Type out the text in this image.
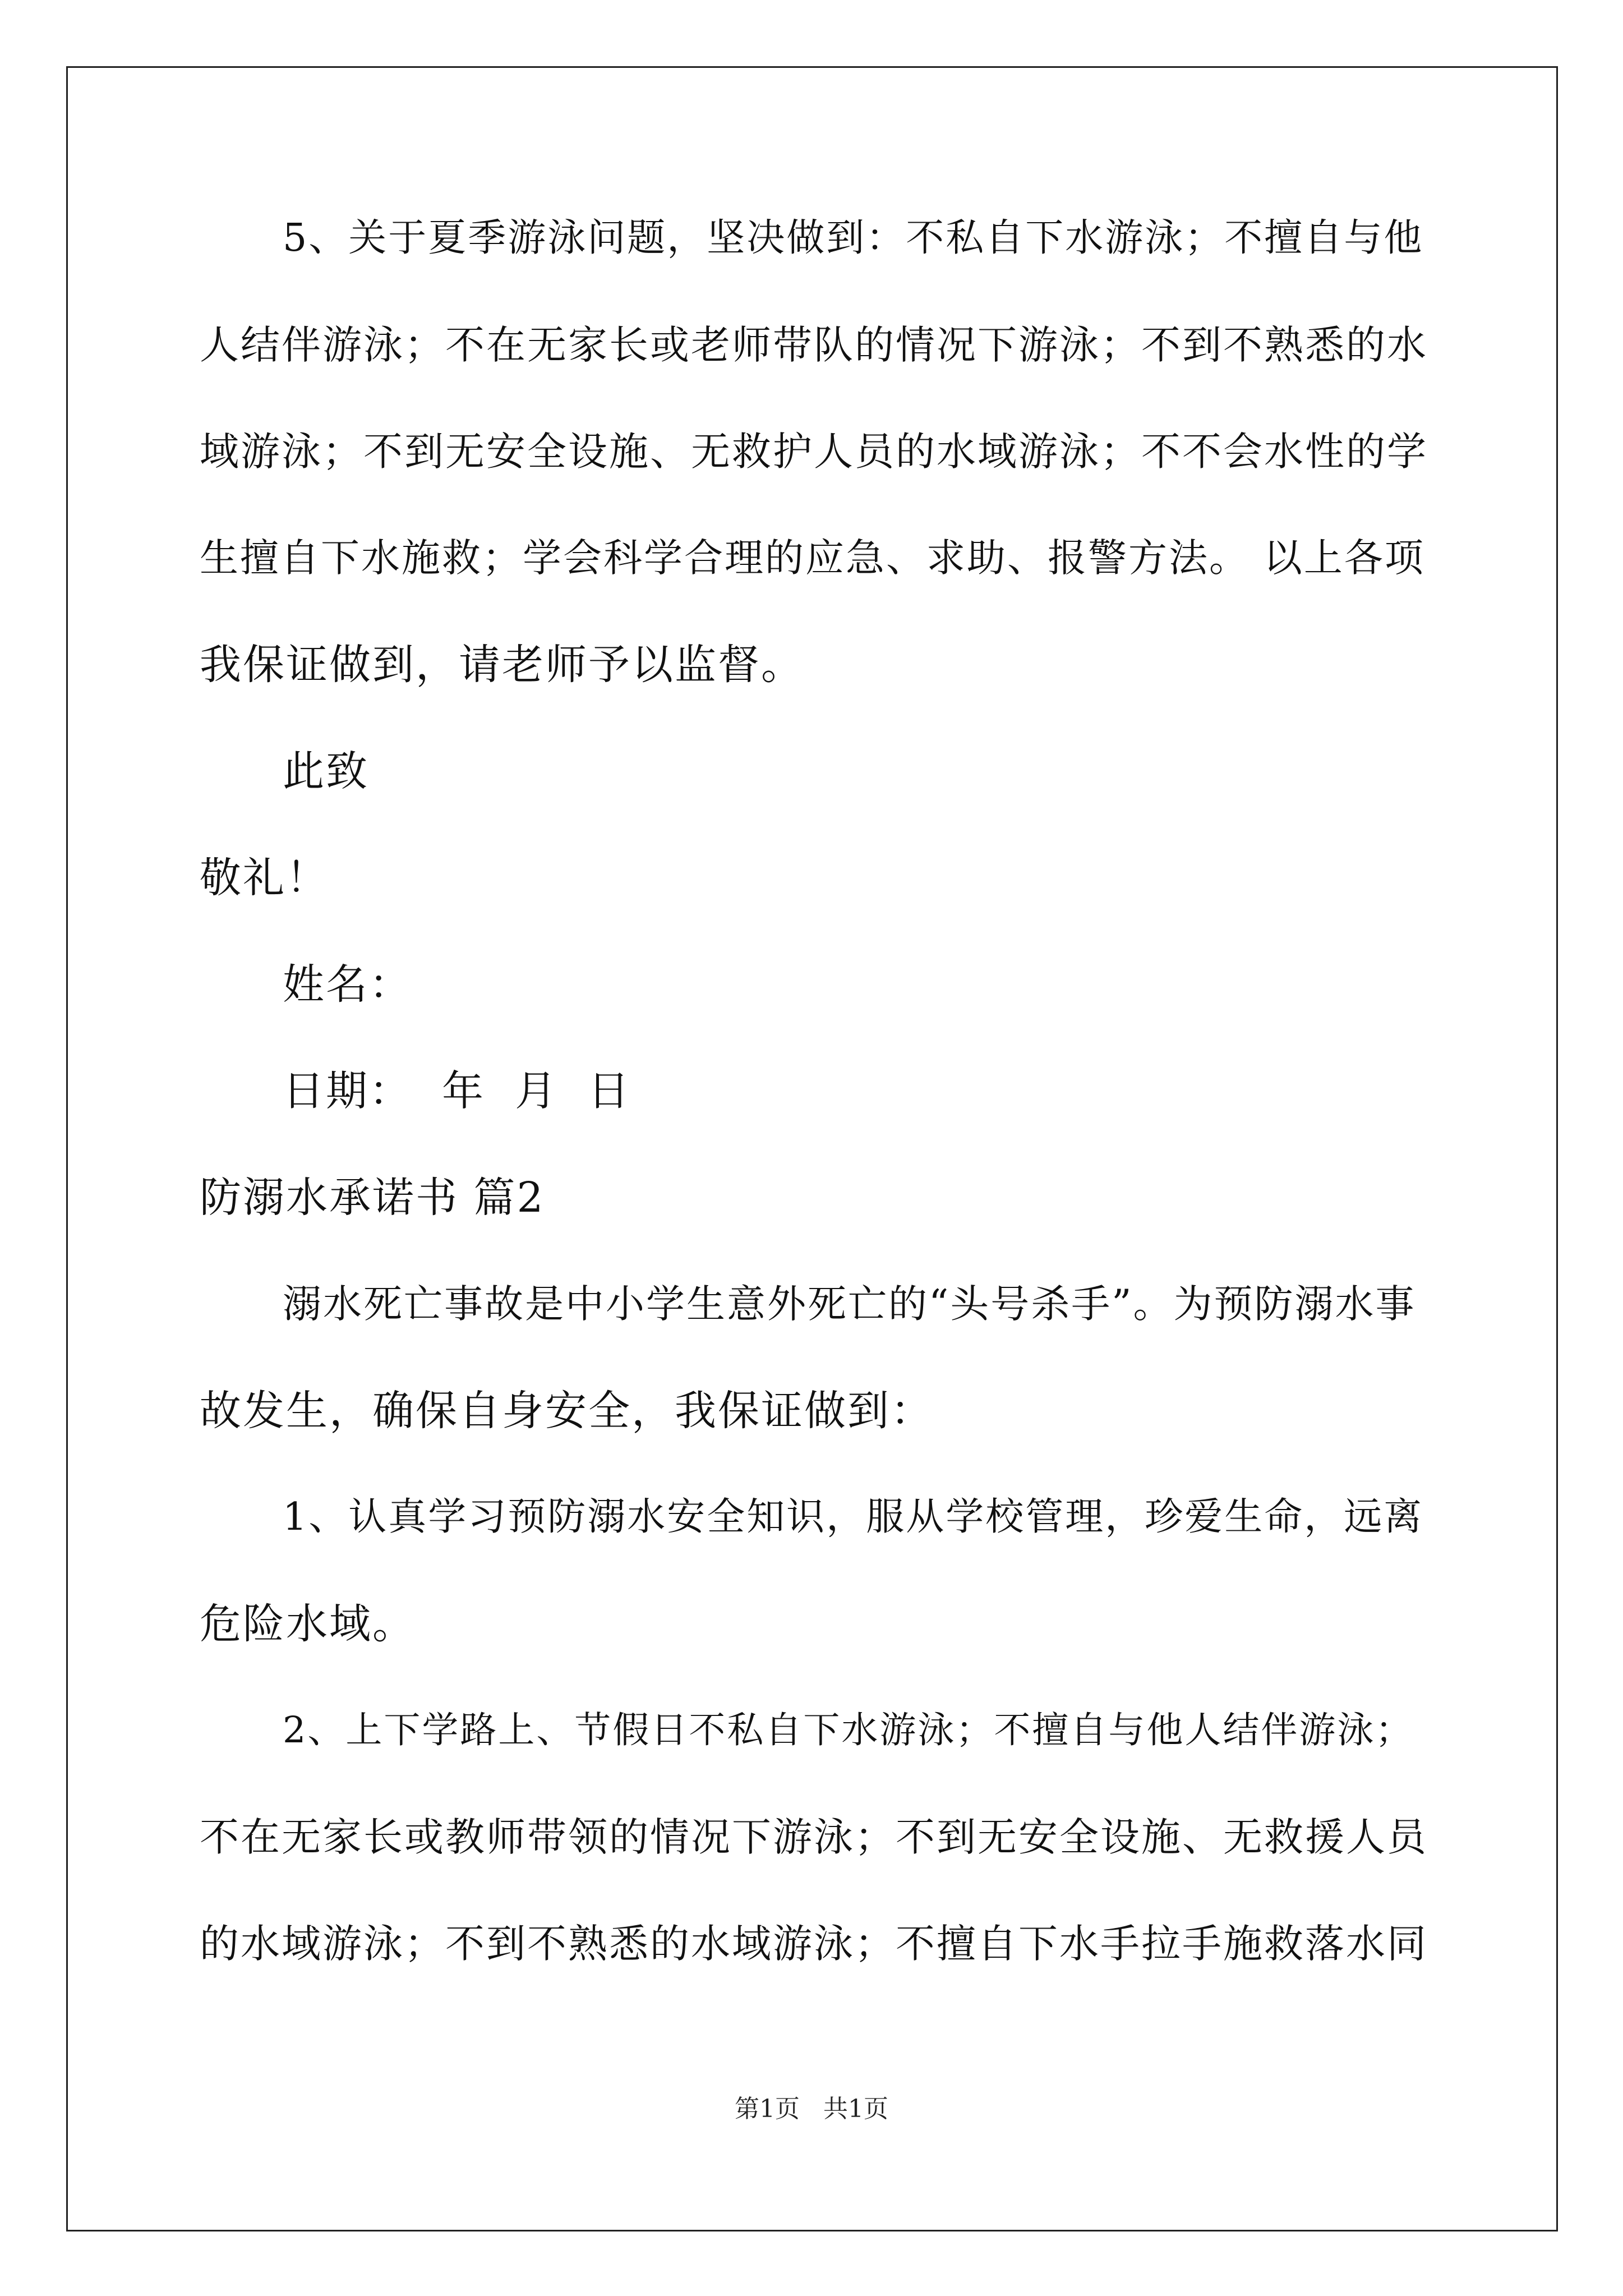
5、关于夏季游泳问题，坚决做到：不私自下水游泳；不擅自与他
人结伴游泳；不在无家长或老师带队的情况下游泳；不到不熟悉的水
域游泳；不到无安全设施、无救护人员的水域游泳；不不会水性的学
生擅自下水施救；学会科学合理的应急、求助、报警方法。 以上各项
我保证做到，请老师予以监督。
此致
敬礼！
姓名：
日期：  年  月  日
防溺水承诺书 篇2
溺水死亡事故是中小学生意外死亡的“头号杀手”。为预防溺水事
故发生，确保自身安全，我保证做到：
1、认真学习预防溺水安全知识，服从学校管理，珍爱生命，远离
危险水域。
2、上下学路上、节假日不私自下水游泳；不擅自与他人结伴游泳；
不在无家长或教师带领的情况下游泳；不到无安全设施、无救援人员
的水域游泳；不到不熟悉的水域游泳；不擅自下水手拉手施救落水同
第1页   共1页
